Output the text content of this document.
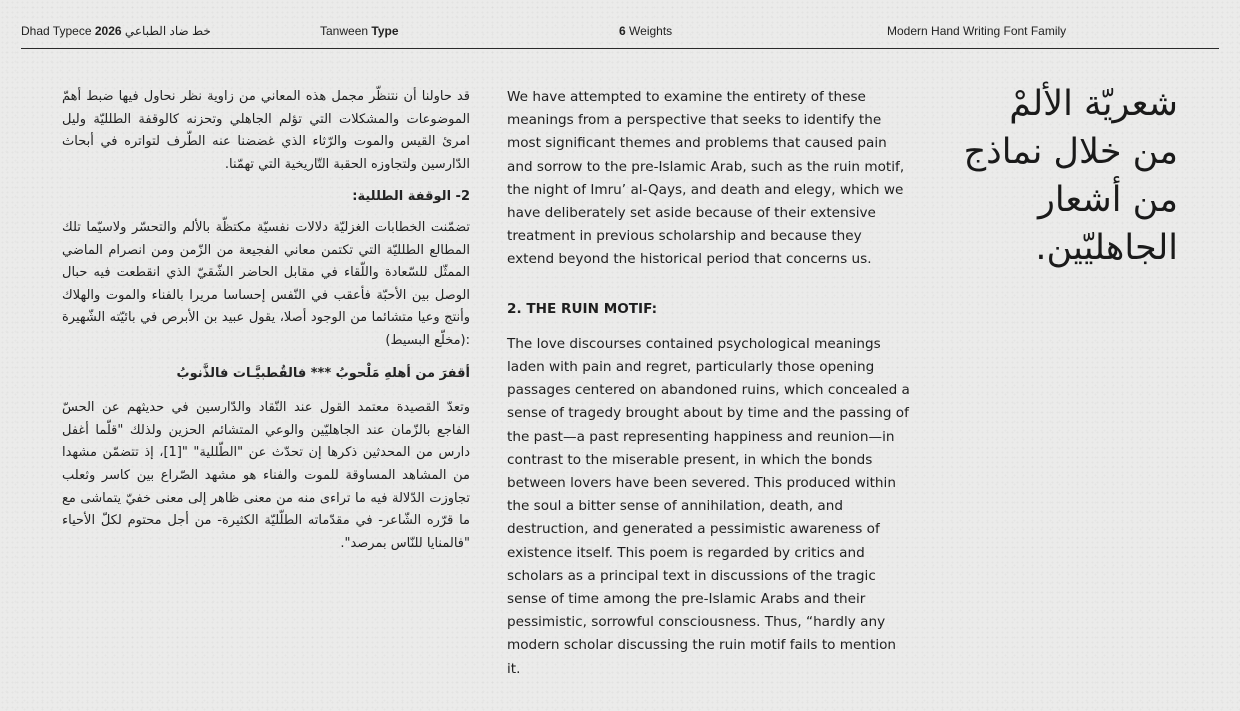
Dhad Typece 2026 خط ضاد الطباعي	Tanween Type	6 Weights	Modern Hand Writing Font Family

قد حاولنا أن نتنظّر مجمل هذه المعاني من زاوية نظر نحاول فيها ضبط أهمّ الموضوعات والمشكلات التي تؤلم الجاهلي وتحزنه كالوقفة الطلليّة وليل امرئ القيس والموت والرّثاء الذي غضضنا عنه الطّرف لتواتره في أبحاث الدّارسين ولتجاوزه الحقبة التّاريخية التي تهمّنا.

2- الوقفة الطللية:

تضمّنت الخطابات الغزليّة دلالات نفسيّة مكتظّة بالألم والتحسّر ولاسيّما تلك المطالع الطلليّة التي تكتمن معاني الفجيعة من الزّمن ومن انصرام الماضي الممثّل للسّعادة واللّقاء في مقابل الحاضر الشّقيّ الذي انقطعت فيه حبال الوصل بين الأحبّة فأعقب في النّفس إحساسا مريرا بالفناء والموت والهلاك وأنتج وعيا متشائما من الوجود أصلا، يقول عبيد بن الأبرص في بائيّته الشّهيرة :(مخلّع البسيط)

أقفرَ من أهلهِ مَلْحوبُ *** فالقُطبيَّـات فالذَّنوبُ

وتعدّ القصيدة معتمد القول عند النّقاد والدّارسين في حديثهم عن الحسّ الفاجع بالزّمان عند الجاهليّين والوعي المتشائم الحزين ولذلك "قلّما أغفل دارس من المحدثين ذكرها إن تحدّث عن "الطّللية" "[1]، إذ تتضمّن مشهدا من المشاهد المساوقة للموت والفناء هو مشهد الصّراع بين كاسر وثعلب تجاوزت الدّلالة فيه ما تراءى منه من معنى ظاهر إلى معنى خفيّ يتماشى مع ما قرّره الشّاعر- في مقدّماته الطلّليّة الكثيرة- من أجل محتوم لكلّ الأحياء "فالمنايا للنّاس بمرصد".

We have attempted to examine the entirety of these meanings from a perspective that seeks to identify the most significant themes and problems that caused pain and sorrow to the pre-Islamic Arab, such as the ruin motif, the night of Imru’ al-Qays, and death and elegy, which we have deliberately set aside because of their extensive treatment in previous scholarship and because they extend beyond the historical period that concerns us.

2. THE RUIN MOTIF:

The love discourses contained psychological meanings laden with pain and regret, particularly those opening passages centered on abandoned ruins, which concealed a sense of tragedy brought about by time and the passing of the past—a past representing happiness and reunion—in contrast to the miserable present, in which the bonds between lovers have been severed. This produced within the soul a bitter sense of annihilation, death, and destruction, and generated a pessimistic awareness of existence itself. This poem is regarded by critics and scholars as a principal text in discussions of the tragic sense of time among the pre-Islamic Arabs and their pessimistic, sorrowful consciousness. Thus, “hardly any modern scholar discussing the ruin motif fails to mention it.

شعريّة الألمْ من خلال نماذج من أشعار الجاهليّين.
